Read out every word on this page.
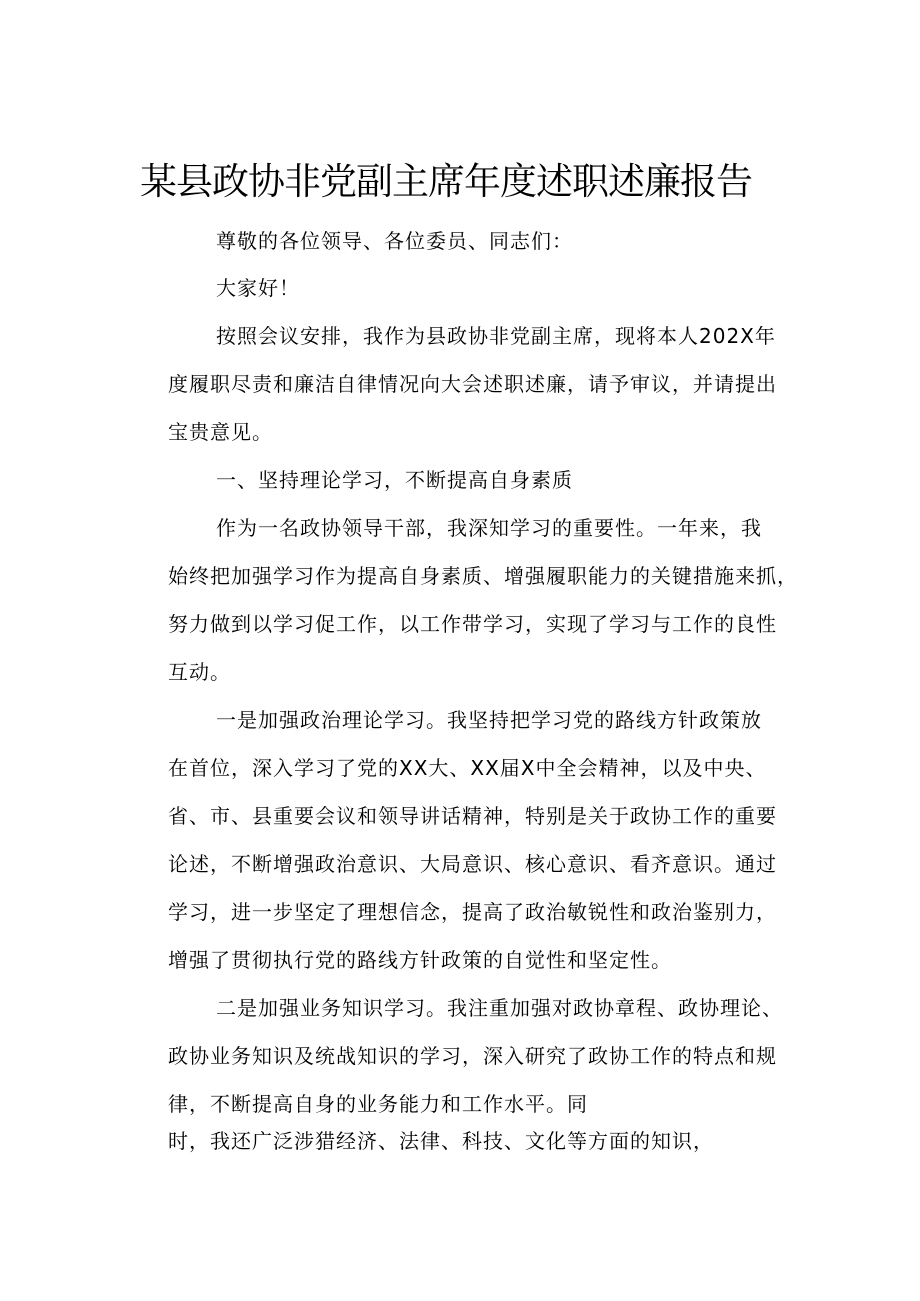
某县政协非党副主席年度述职述廉报告
尊敬的各位领导、各位委员、同志们：
大家好！
按照会议安排，我作为县政协非党副主席，现将本人202X年
度履职尽责和廉洁自律情况向大会述职述廉，请予审议，并请提出
宝贵意见。
一、坚持理论学习，不断提高自身素质
作为一名政协领导干部，我深知学习的重要性。一年来，我
始终把加强学习作为提高自身素质、增强履职能力的关键措施来抓，
努力做到以学习促工作，以工作带学习，实现了学习与工作的良性
互动。
一是加强政治理论学习。我坚持把学习党的路线方针政策放
在首位，深入学习了党的XX大、XX届X中全会精神，以及中央、
省、市、县重要会议和领导讲话精神，特别是关于政协工作的重要
论述，不断增强政治意识、大局意识、核心意识、看齐意识。通过
学习，进一步坚定了理想信念，提高了政治敏锐性和政治鉴别力，
增强了贯彻执行党的路线方针政策的自觉性和坚定性。
二是加强业务知识学习。我注重加强对政协章程、政协理论、
政协业务知识及统战知识的学习，深入研究了政协工作的特点和规
律，不断提高自身的业务能力和工作水平。同
时，我还广泛涉猎经济、法律、科技、文化等方面的知识，
